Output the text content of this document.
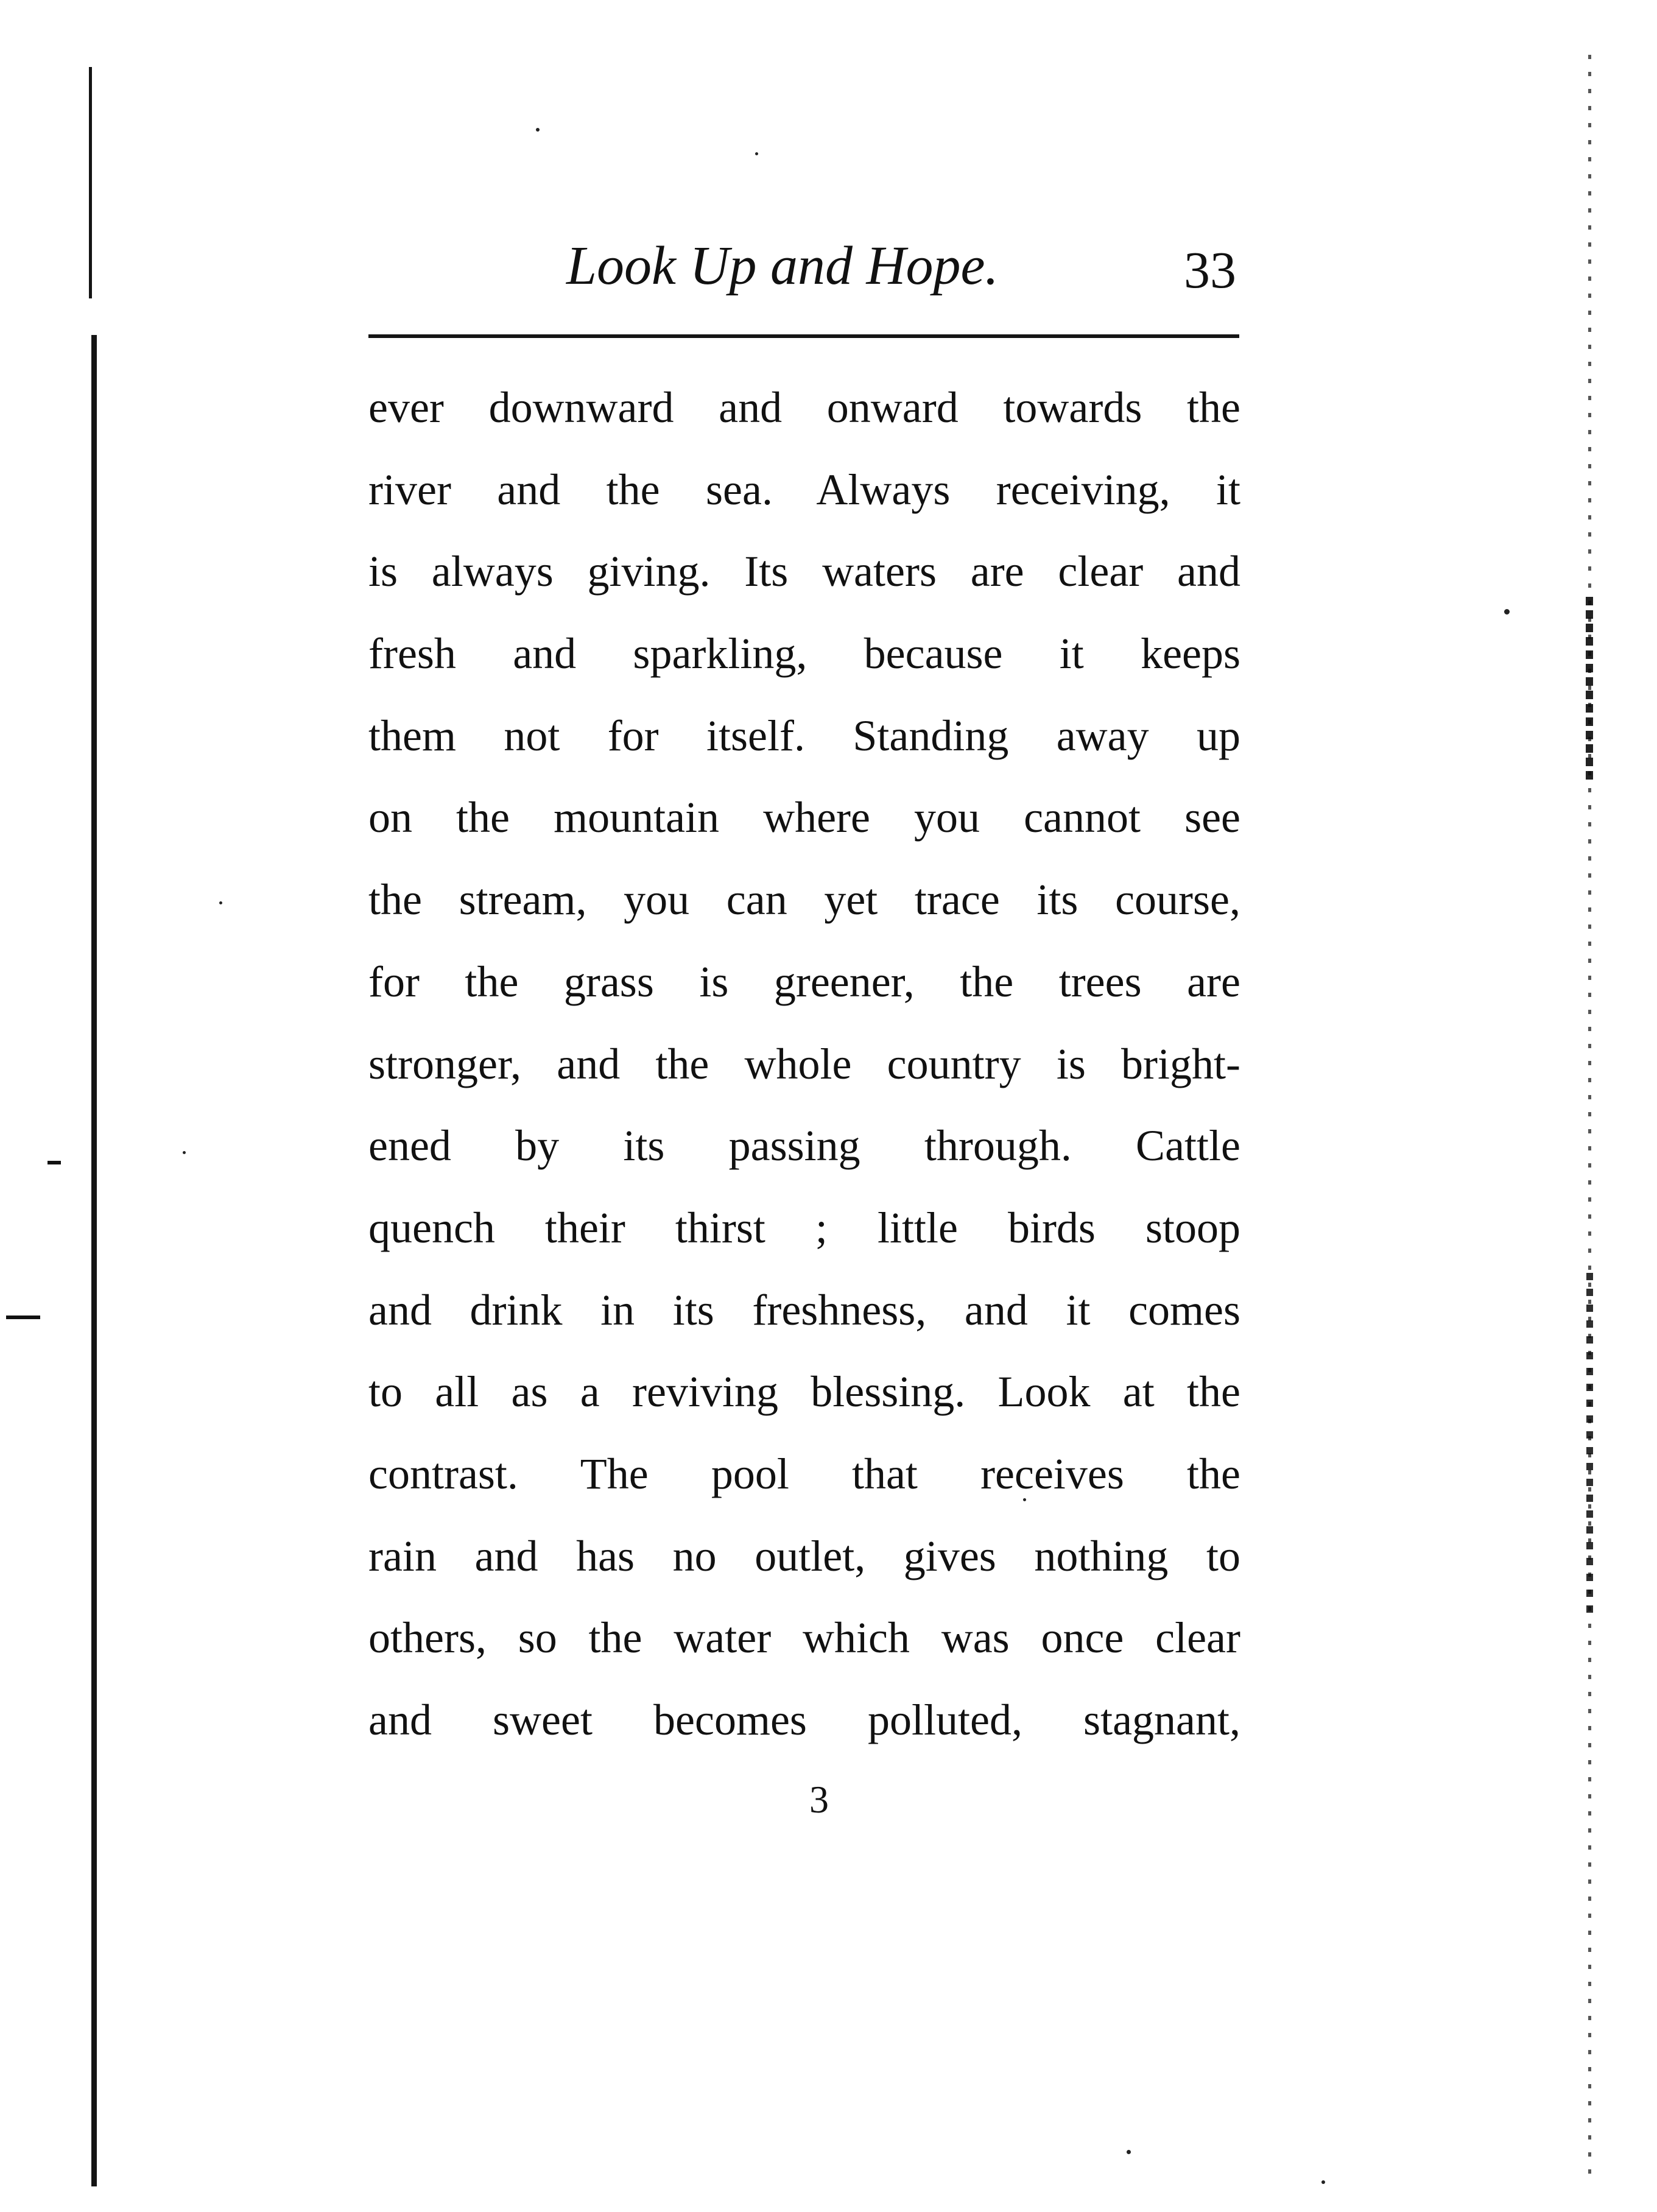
Look Up and Hope.	33
ever downward and onward towards the
river and the sea. Always receiving, it
is always giving. Its waters are clear and
fresh and sparkling, because it keeps
them not for itself. Standing away up
on the mountain where you cannot see
the stream, you can yet trace its course,
for the grass is greener, the trees are
stronger, and the whole country is bright-
ened by its passing through. Cattle
quench their thirst ; little birds stoop
and drink in its freshness, and it comes
to all as a reviving blessing. Look at the
contrast. The pool that receives the
rain and has no outlet, gives nothing to
others, so the water which was once clear
and sweet becomes polluted, stagnant,
3
